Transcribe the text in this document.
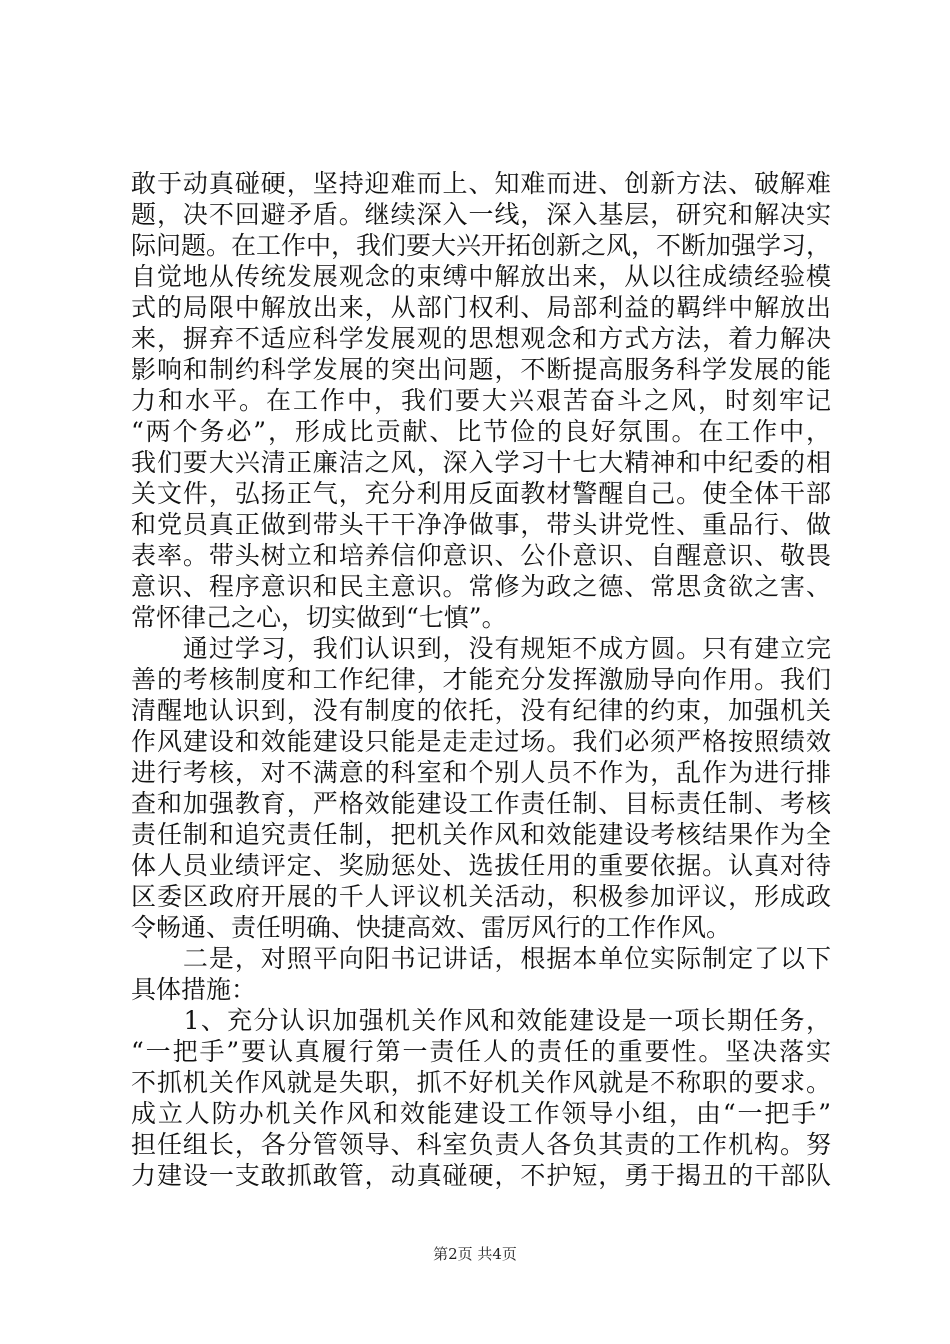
敢于动真碰硬，坚持迎难而上、知难而进、创新方法、破解难
题，决不回避矛盾。继续深入一线，深入基层，研究和解决实
际问题。在工作中，我们要大兴开拓创新之风，不断加强学习，
自觉地从传统发展观念的束缚中解放出来，从以往成绩经验模
式的局限中解放出来，从部门权利、局部利益的羁绊中解放出
来，摒弃不适应科学发展观的思想观念和方式方法，着力解决
影响和制约科学发展的突出问题，不断提高服务科学发展的能
力和水平。在工作中，我们要大兴艰苦奋斗之风，时刻牢记
“两个务必”，形成比贡献、比节俭的良好氛围。在工作中，
我们要大兴清正廉洁之风，深入学习十七大精神和中纪委的相
关文件，弘扬正气，充分利用反面教材警醒自己。使全体干部
和党员真正做到带头干干净净做事，带头讲党性、重品行、做
表率。带头树立和培养信仰意识、公仆意识、自醒意识、敬畏
意识、程序意识和民主意识。常修为政之德、常思贪欲之害、
常怀律己之心，切实做到“七慎”。
　　通过学习，我们认识到，没有规矩不成方圆。只有建立完
善的考核制度和工作纪律，才能充分发挥激励导向作用。我们
清醒地认识到，没有制度的依托，没有纪律的约束，加强机关
作风建设和效能建设只能是走走过场。我们必须严格按照绩效
进行考核，对不满意的科室和个别人员不作为，乱作为进行排
查和加强教育，严格效能建设工作责任制、目标责任制、考核
责任制和追究责任制，把机关作风和效能建设考核结果作为全
体人员业绩评定、奖励惩处、选拔任用的重要依据。认真对待
区委区政府开展的千人评议机关活动，积极参加评议，形成政
令畅通、责任明确、快捷高效、雷厉风行的工作作风。
　　二是，对照平向阳书记讲话，根据本单位实际制定了以下
具体措施：
　　1、充分认识加强机关作风和效能建设是一项长期任务，
“一把手”要认真履行第一责任人的责任的重要性。坚决落实
不抓机关作风就是失职，抓不好机关作风就是不称职的要求。
成立人防办机关作风和效能建设工作领导小组，由“一把手”
担任组长，各分管领导、科室负责人各负其责的工作机构。努
力建设一支敢抓敢管，动真碰硬，不护短，勇于揭丑的干部队
第2页 共4页
